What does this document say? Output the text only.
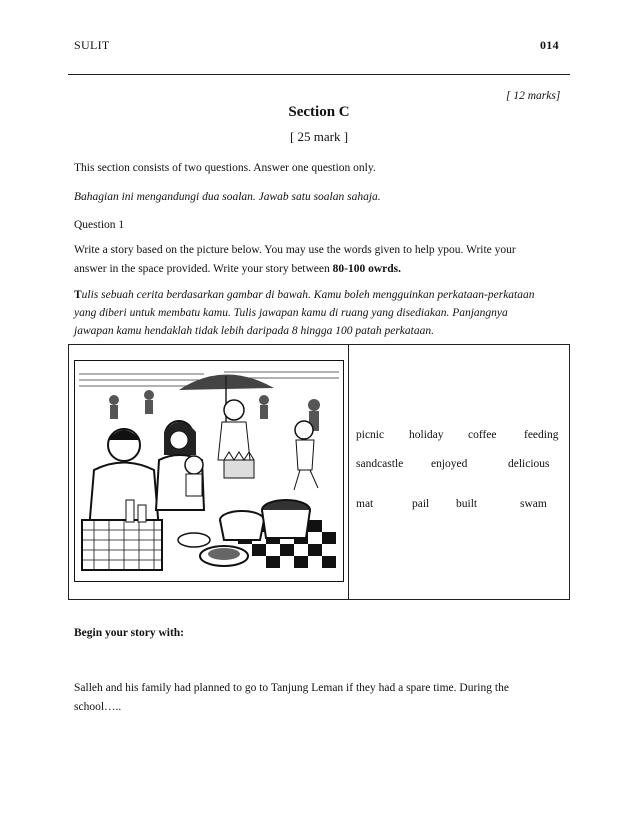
SULIT	014
[ 12 marks]
Section C
[ 25 mark ]
This section consists of two questions. Answer one question only.
Bahagian ini mengandungi dua soalan. Jawab satu soalan sahaja.
Question 1
Write a story based on the picture below. You may use the words given to help ypou. Write your
answer in the space provided. Write your story between 80-100 owrds.
Tulis sebuah cerita berdasarkan gambar di bawah. Kamu boleh mengguinkan perkataan-perkataan
yang diberi untuk membatu kamu. Tulis jawapan kamu di ruang yang disediakan. Panjangnya
jawapan kamu hendaklah tidak lebih daripada 8 hingga 100 patah perkataan.
picnic holiday coffee feeding
sandcastle enjoyed	delicious
mat	pail built	swam
Begin your story with:
Salleh and his family had planned to go to Tanjung Leman if they had a spare time. During the
school…..
